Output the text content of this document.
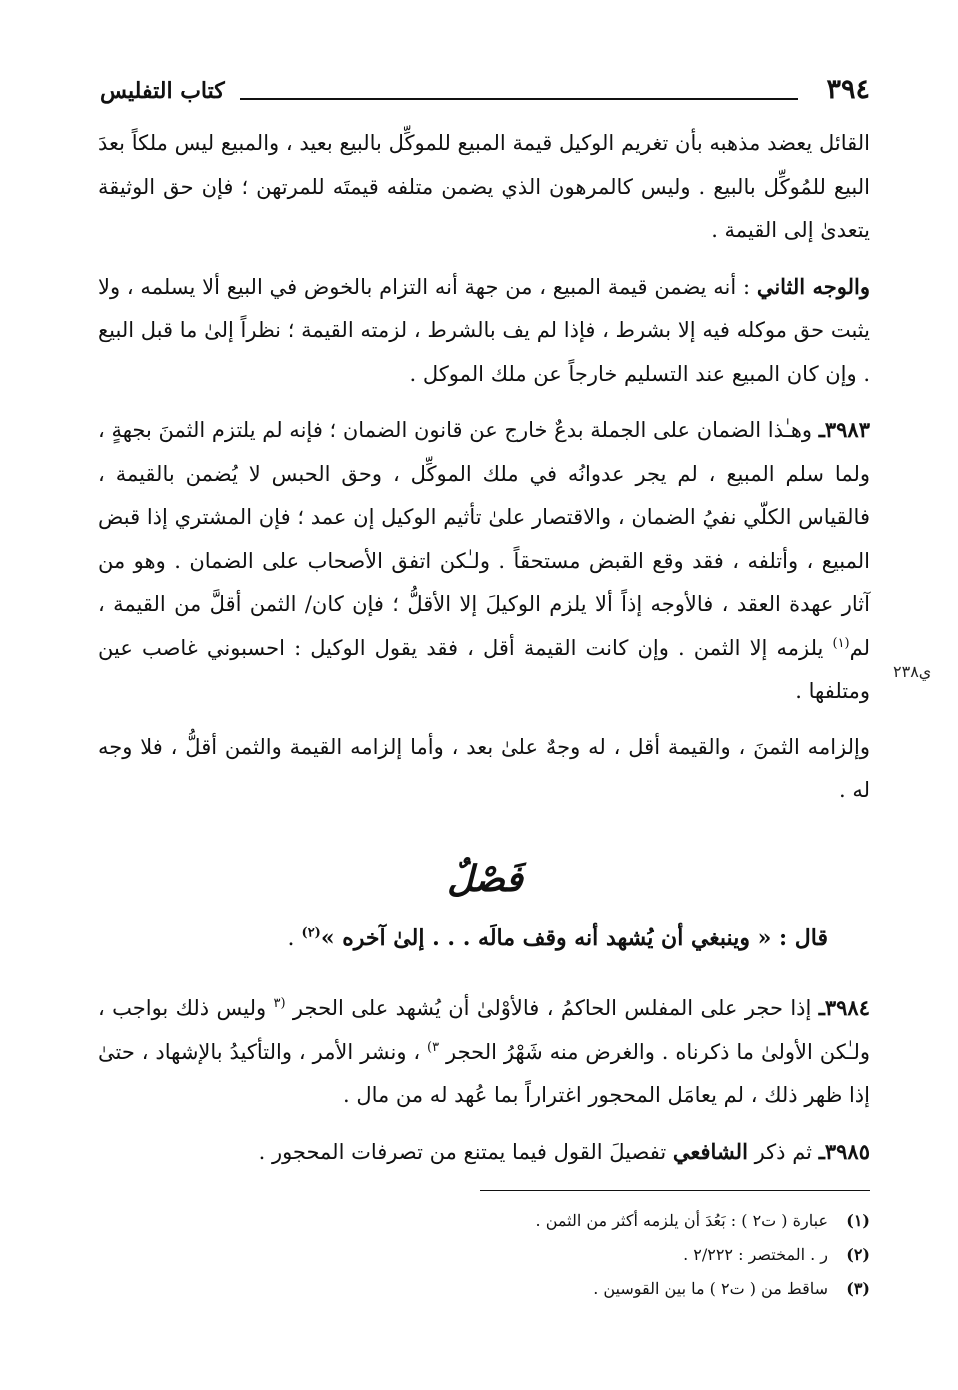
٣٩٤
كتاب التفليس
ي٢٣٨

القائل يعضد مذهبه بأن تغريم الوكيل قيمة المبيع للموكِّل بالبيع بعيد ، والمبيع ليس ملكاً بعدَ البيع للمُوكِّل بالبيع . وليس كالمرهون الذي يضمن متلفه قيمتَه للمرتهن ؛ فإن حق الوثيقة يتعدىٰ إلى القيمة .

والوجه الثاني : أنه يضمن قيمة المبيع ، من جهة أنه التزام بالخوض في البيع ألا يسلمه ، ولا يثبت حق موكله فيه إلا بشرط ، فإذا لم يف بالشرط ، لزمته القيمة ؛ نظراً إلىٰ ما قبل البيع . وإن كان المبيع عند التسليم خارجاً عن ملك الموكل .

٣٩٨٣ـ وهـٰذا الضمان على الجملة بدعٌ خارج عن قانون الضمان ؛ فإنه لم يلتزم الثمنَ بجهةٍ ، ولما سلم المبيع ، لم يجر عدوانُه في ملك الموكِّل ، وحق الحبس لا يُضمن بالقيمة ، فالقياس الكلّي نفيُ الضمان ، والاقتصار علىٰ تأثيم الوكيل إن عمد ؛ فإن المشتري إذا قبض المبيع ، وأتلفه ، فقد وقع القبض مستحقاً . ولـٰكن اتفق الأصحاب على الضمان . وهو من آثار عهدة العقد ، فالأوجه إذاً ألا يلزم الوكيلَ إلا الأقلُّ ؛ فإن كان/ الثمن أقلَّ من القيمة ، لم$^{(١)}$ يلزمه إلا الثمن . وإن كانت القيمة أقل ، فقد يقول الوكيل : احسبوني غاصب عين ومتلفها .

وإلزامه الثمنَ ، والقيمة أقل ، له وجهٌ علىٰ بعد ، وأما إلزامه القيمة والثمن أقلُّ ، فلا وجه له .

فَصْلٌ
قال : « وينبغي أن يُشهد أنه وقف مالَه . . . إلىٰ آخره »$^{(٢)}$ .

٣٩٨٤ـ إذا حجر على المفلس الحاكمُ ، فالأوْلىٰ أن يُشهد على الحجر $^{(٣}$ وليس ذلك بواجب ، ولـٰكن الأولىٰ ما ذكرناه . والغرض منه شَهْرُ الحجر $^{٣)}$ ، ونشر الأمر ، والتأكيدُ بالإشهاد ، حتىٰ إذا ظهر ذلك ، لم يعامَل المحجور اغتراراً بما عُهد له من مال .

٣٩٨٥ـ ثم ذكر الشافعي تفصيلَ القول فيما يمتنع من تصرفات المحجور .

(١)
عبارة ( ت٢ ) : بَعُدَ أن يلزمه أكثر من الثمن .
(٢)
ر . المختصر : ٢/٢٢٢ .
(٣)
ساقط من ( ت٢ ) ما بين القوسين .
